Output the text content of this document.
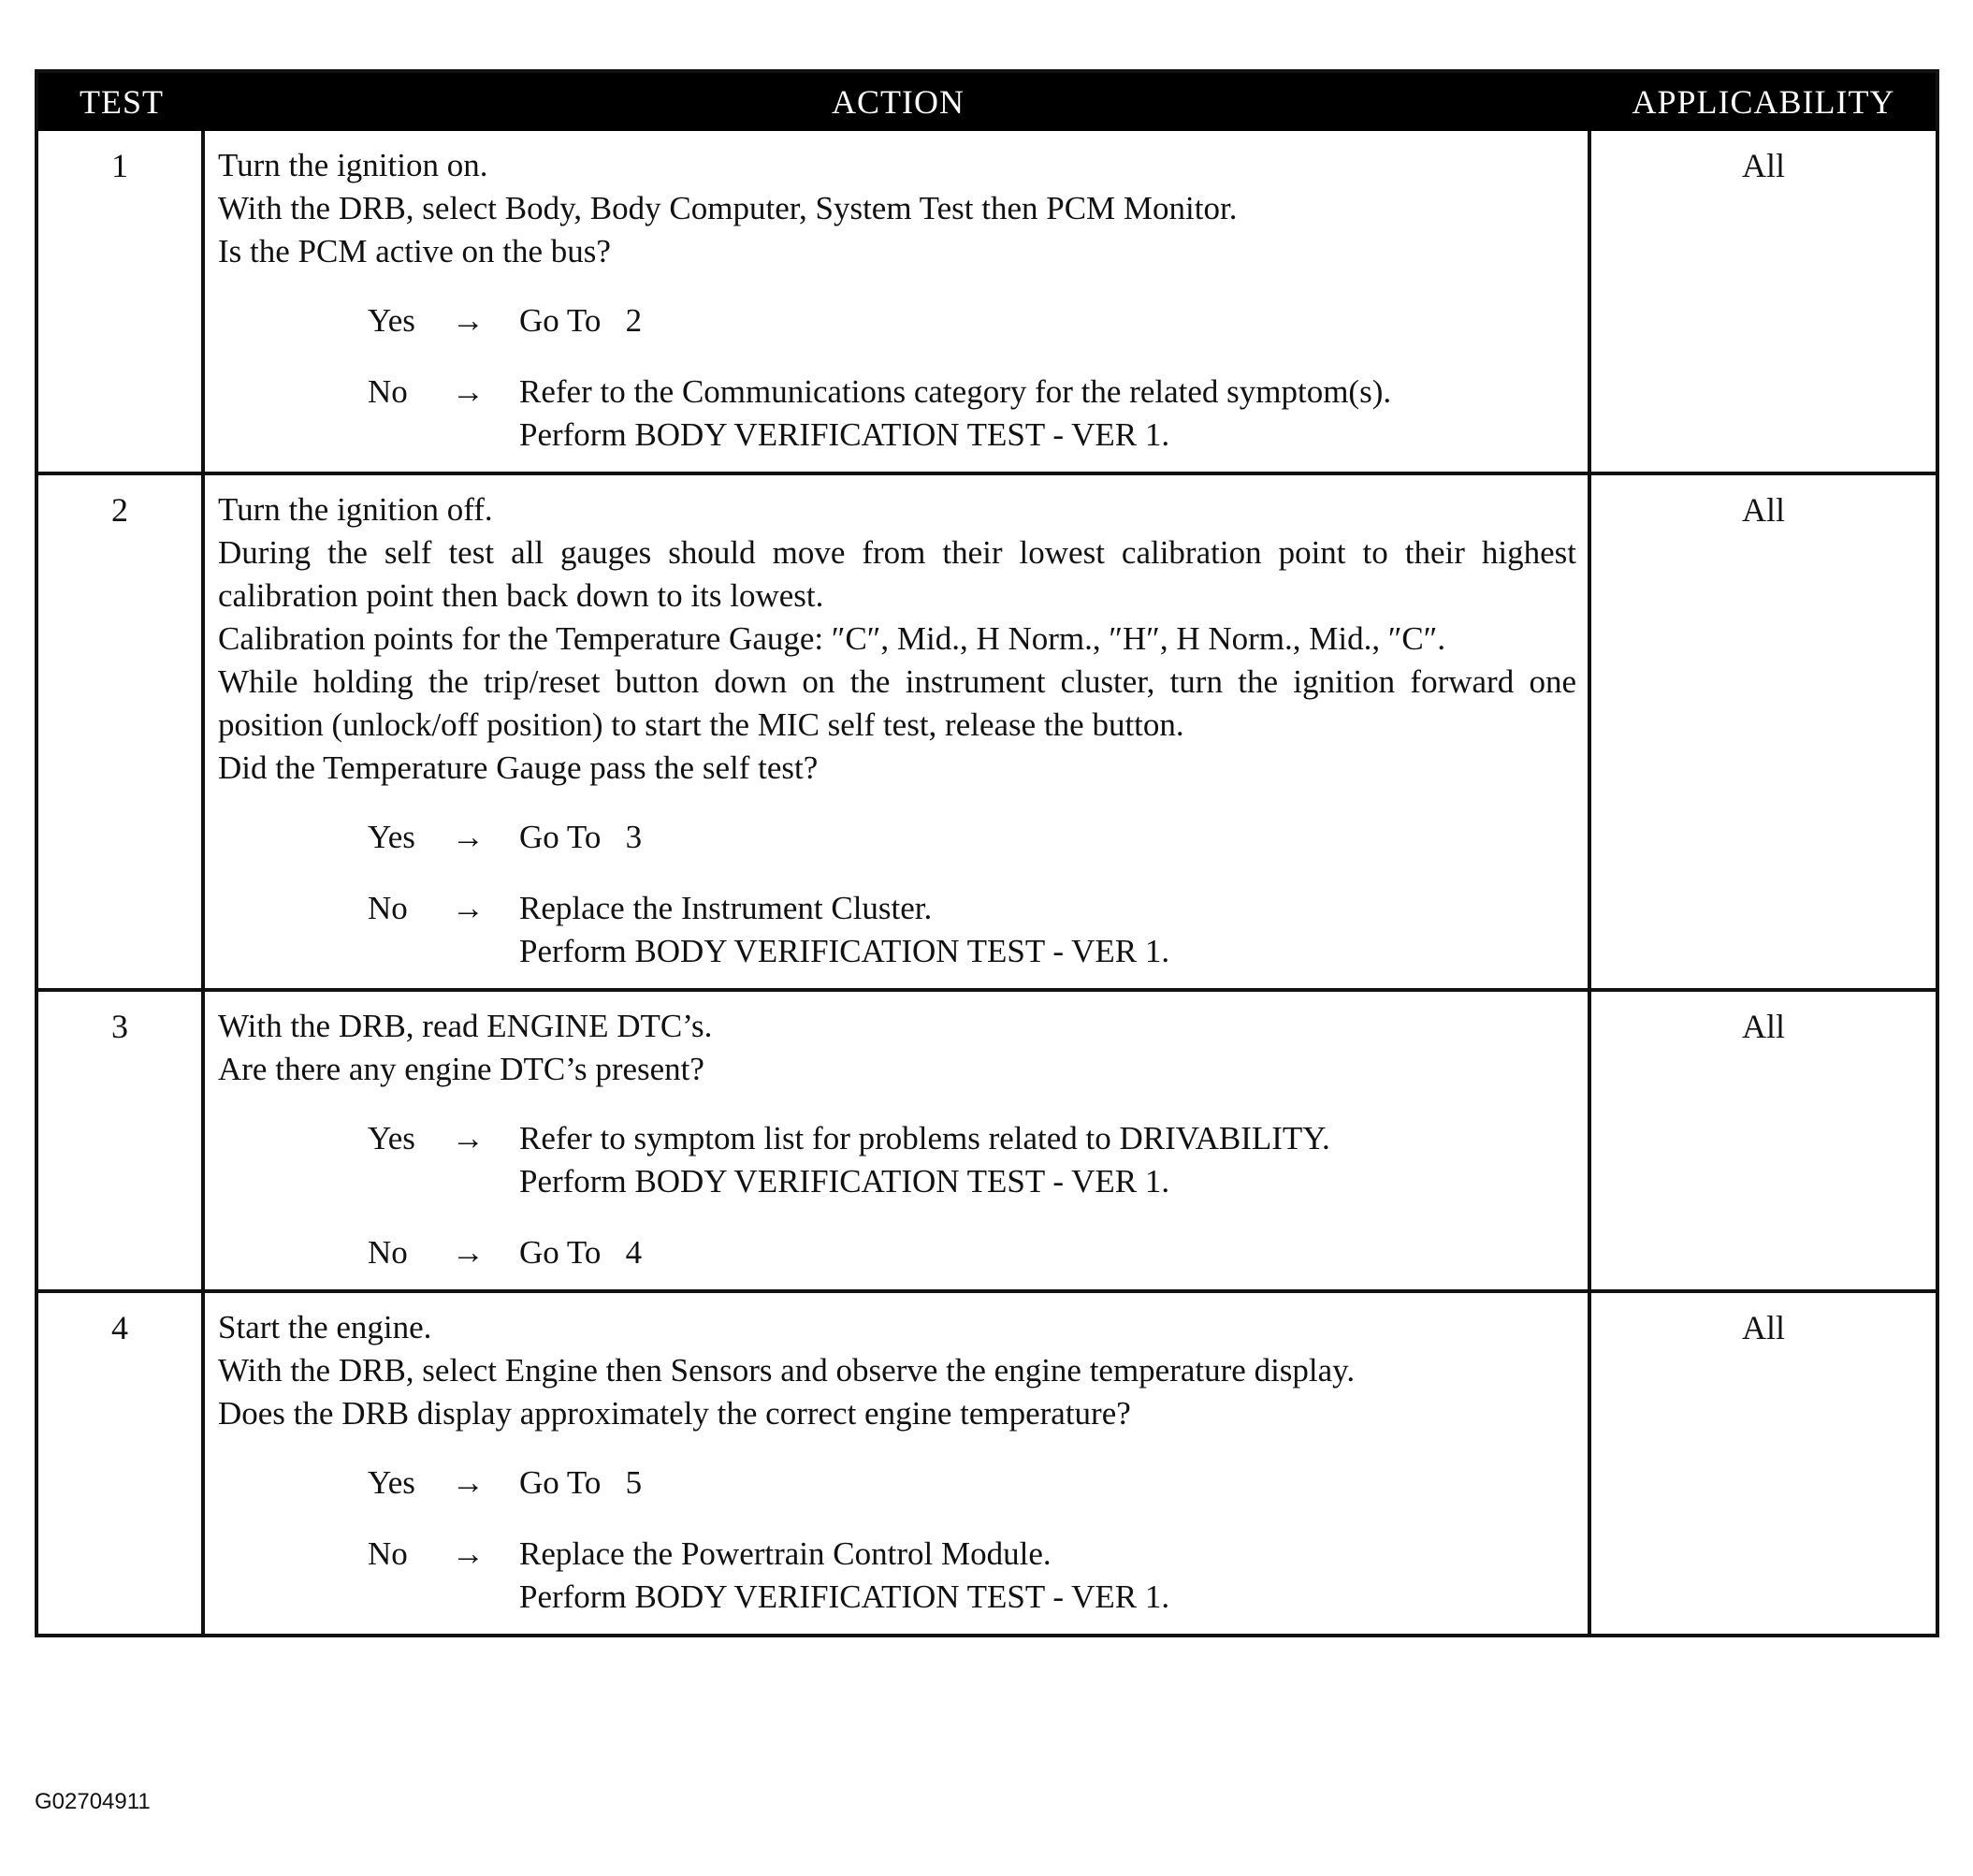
TEST	ACTION	APPLICABILITY
1	Turn the ignition on.
With the DRB, select Body, Body Computer, System Test then PCM Monitor.
Is the PCM active on the bus?
Yes	→	Go To   2
No	→	Refer to the Communications category for the related symptom(s).
Perform BODY VERIFICATION TEST - VER 1.
All
2	Turn the ignition off.
During the self test all gauges should move from their lowest calibration point to their highest calibration point then back down to its lowest.
Calibration points for the Temperature Gauge: ″C″, Mid., H Norm., ″H″, H Norm., Mid., ″C″.
While holding the trip/reset button down on the instrument cluster, turn the ignition forward one position (unlock/off position) to start the MIC self test, release the button.
Did the Temperature Gauge pass the self test?
Yes	→	Go To   3
No	→	Replace the Instrument Cluster.
Perform BODY VERIFICATION TEST - VER 1.
All
3	With the DRB, read ENGINE DTC’s.
Are there any engine DTC’s present?
Yes	→	Refer to symptom list for problems related to DRIVABILITY.
Perform BODY VERIFICATION TEST - VER 1.
No	→	Go To   4
All
4	Start the engine.
With the DRB, select Engine then Sensors and observe the engine temperature display.
Does the DRB display approximately the correct engine temperature?
Yes	→	Go To   5
No	→	Replace the Powertrain Control Module.
Perform BODY VERIFICATION TEST - VER 1.
All
G02704911
